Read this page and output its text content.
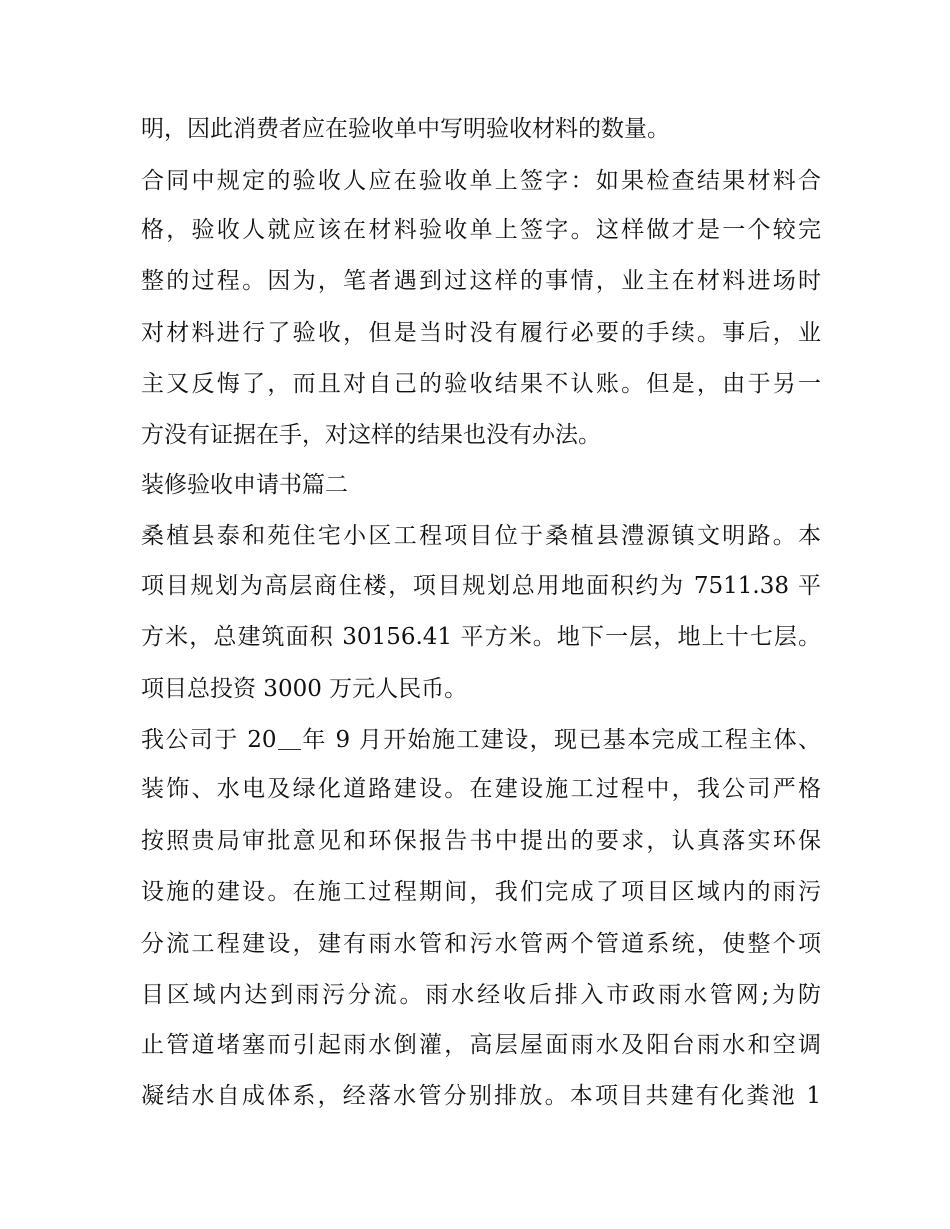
明，因此消费者应在验收单中写明验收材料的数量。
合同中规定的验收人应在验收单上签字：如果检查结果材料合
格，验收人就应该在材料验收单上签字。这样做才是一个较完
整的过程。因为，笔者遇到过这样的事情，业主在材料进场时
对材料进行了验收，但是当时没有履行必要的手续。事后，业
主又反悔了，而且对自己的验收结果不认账。但是，由于另一
方没有证据在手，对这样的结果也没有办法。
装修验收申请书篇二
桑植县泰和苑住宅小区工程项目位于桑植县澧源镇文明路。本
项目规划为高层商住楼，项目规划总用地面积约为 7511.38 平
方米，总建筑面积 30156.41 平方米。地下一层，地上十七层。
项目总投资 3000 万元人民币。
我公司于 20＿年 9 月开始施工建设，现已基本完成工程主体、
装饰、水电及绿化道路建设。在建设施工过程中，我公司严格
按照贵局审批意见和环保报告书中提出的要求，认真落实环保
设施的建设。在施工过程期间，我们完成了项目区域内的雨污
分流工程建设，建有雨水管和污水管两个管道系统，使整个项
目区域内达到雨污分流。雨水经收后排入市政雨水管网;为防
止管道堵塞而引起雨水倒灌，高层屋面雨水及阳台雨水和空调
凝结水自成体系，经落水管分别排放。本项目共建有化粪池 1
